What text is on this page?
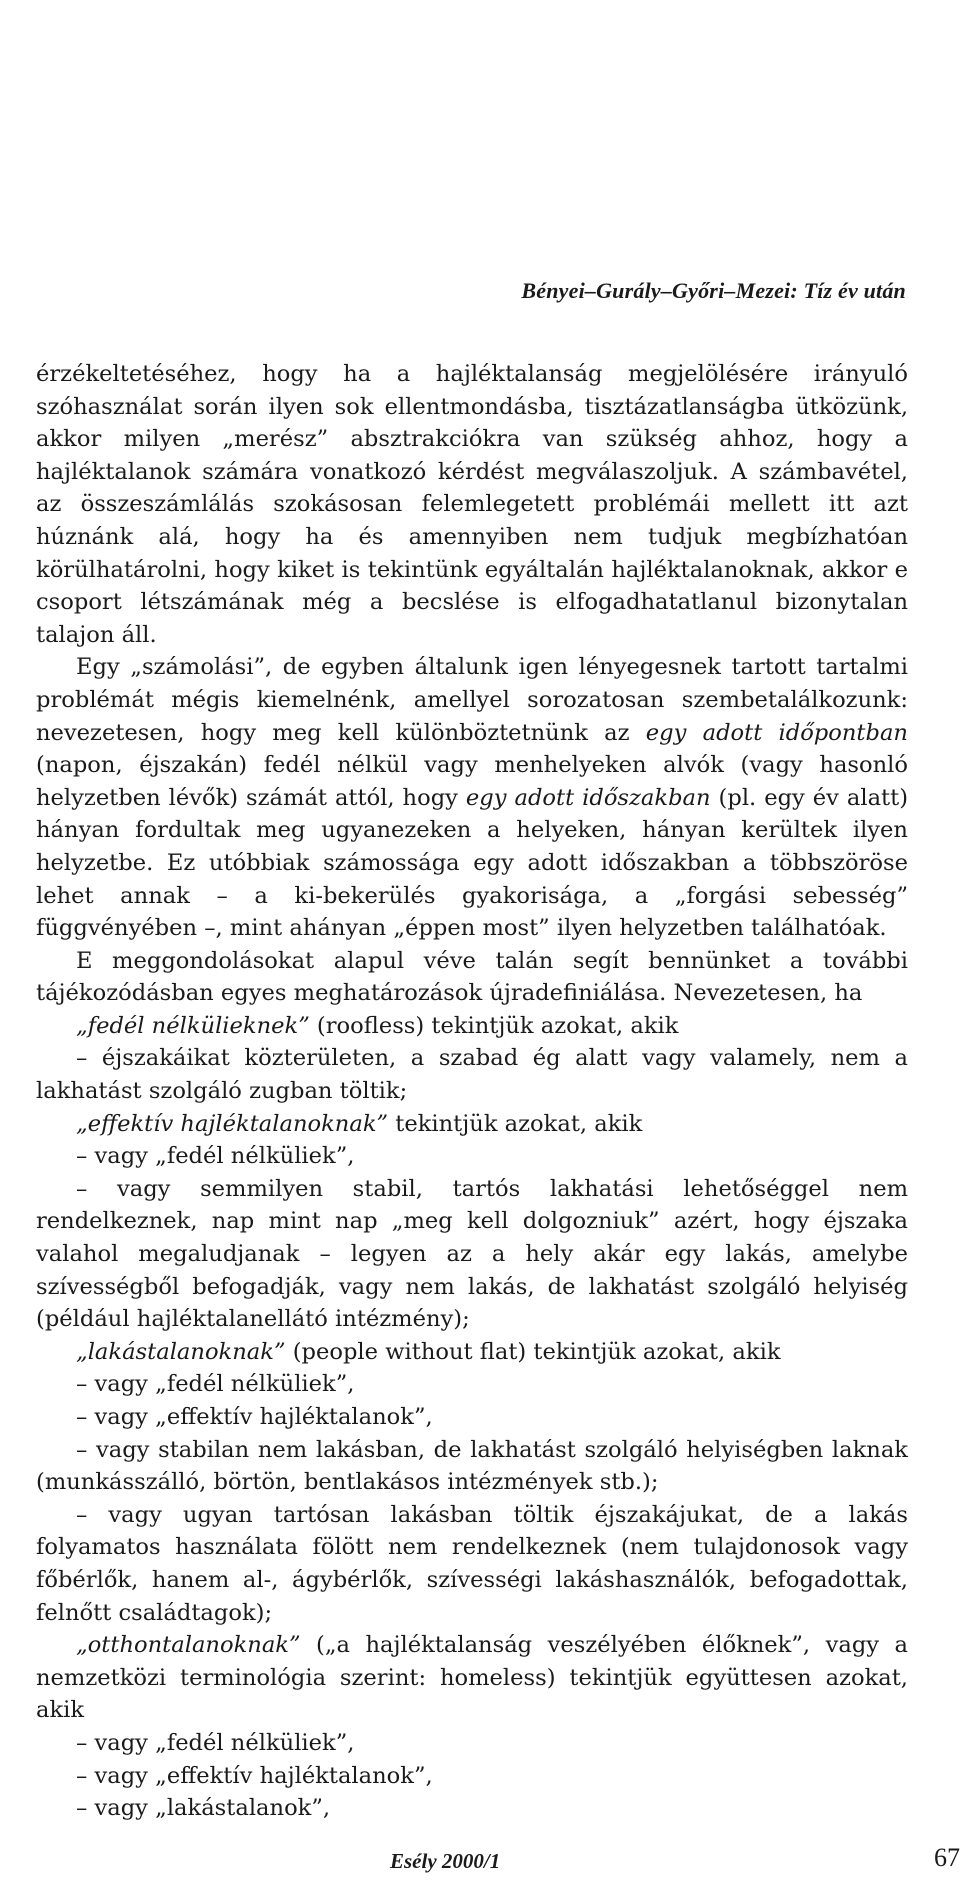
Bényei–Gurály–Győri–Mezei: Tíz év után

érzékeltetéséhez, hogy ha a hajléktalanság megjelölésére irányuló szóhasználat során ilyen sok ellentmondásba, tisztázatlanságba ütközünk, akkor milyen „merész” absztrakciókra van szükség ahhoz, hogy a hajléktalanok számára vonatkozó kérdést megválaszoljuk. A számbavétel, az összeszámlálás szokásosan felemlegetett problémái mellett itt azt húznánk alá, hogy ha és amennyiben nem tudjuk megbízhatóan körülhatárolni, hogy kiket is tekintünk egyáltalán hajléktalanoknak, akkor e csoport létszámának még a becslése is elfogadhatatlanul bizonytalan talajon áll.

Egy „számolási”, de egyben általunk igen lényegesnek tartott tartalmi problémát mégis kiemelnénk, amellyel sorozatosan szembetalálkozunk: nevezetesen, hogy meg kell különböztetnünk az egy adott időpontban (napon, éjszakán) fedél nélkül vagy menhelyeken alvók (vagy hasonló helyzetben lévők) számát attól, hogy egy adott időszakban (pl. egy év alatt) hányan fordultak meg ugyanezeken a helyeken, hányan kerültek ilyen helyzetbe. Ez utóbbiak számossága egy adott időszakban a többszöröse lehet annak – a ki-bekerülés gyakorisága, a „forgási sebesség” függvényében –, mint ahányan „éppen most” ilyen helyzetben találhatóak.

E meggondolásokat alapul véve talán segít bennünket a további tájékozódásban egyes meghatározások újradefiniálása. Nevezetesen, ha

„fedél nélkülieknek” (roofless) tekintjük azokat, akik

– éjszakáikat közterületen, a szabad ég alatt vagy valamely, nem a lakhatást szolgáló zugban töltik;

„effektív hajléktalanoknak” tekintjük azokat, akik

– vagy „fedél nélküliek”,

– vagy semmilyen stabil, tartós lakhatási lehetőséggel nem rendelkeznek, nap mint nap „meg kell dolgozniuk” azért, hogy éjszaka valahol megaludjanak – legyen az a hely akár egy lakás, amelybe szívességből befogadják, vagy nem lakás, de lakhatást szolgáló helyiség (például hajléktalanellátó intézmény);

„lakástalanoknak” (people without flat) tekintjük azokat, akik

– vagy „fedél nélküliek”,

– vagy „effektív hajléktalanok”,

– vagy stabilan nem lakásban, de lakhatást szolgáló helyiségben laknak (munkásszálló, börtön, bentlakásos intézmények stb.);

– vagy ugyan tartósan lakásban töltik éjszakájukat, de a lakás folyamatos használata fölött nem rendelkeznek (nem tulajdonosok vagy főbérlők, hanem al-, ágybérlők, szívességi lakáshasználók, befogadottak, felnőtt családtagok);

„otthontalanoknak” („a hajléktalanság veszélyében élőknek”, vagy a nemzetközi terminológia szerint: homeless) tekintjük együttesen azokat, akik

– vagy „fedél nélküliek”,

– vagy „effektív hajléktalanok”,

– vagy „lakástalanok”,

Esély 2000/1	67
